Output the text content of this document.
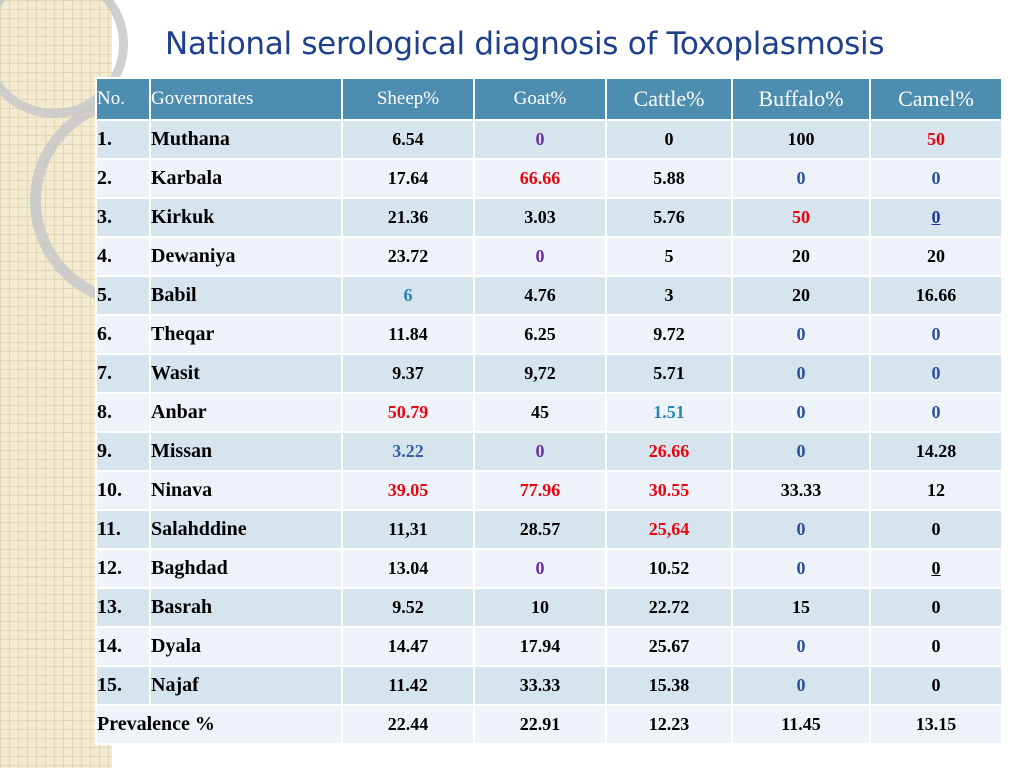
National serological diagnosis of Toxoplasmosis
No.	Governorates	Sheep%	Goat%	Cattle%	Buffalo%	Camel%
1.	Muthana	6.54	0	0	100	50
2.	Karbala	17.64	66.66	5.88	0	0
3.	Kirkuk	21.36	3.03	5.76	50	0
4.	Dewaniya	23.72	0	5	20	20
5.	Babil	6	4.76	3	20	16.66
6.	Theqar	11.84	6.25	9.72	0	0
7.	Wasit	9.37	9,72	5.71	0	0
8.	Anbar	50.79	45	1.51	0	0
9.	Missan	3.22	0	26.66	0	14.28
10.	Ninava	39.05	77.96	30.55	33.33	12
11.	Salahddine	11,31	28.57	25,64	0	0
12.	Baghdad	13.04	0	10.52	0	0
13.	Basrah	9.52	10	22.72	15	0
14.	Dyala	14.47	17.94	25.67	0	0
15.	Najaf	11.42	33.33	15.38	0	0
Prevalence %		22.44	22.91	12.23	11.45	13.15
